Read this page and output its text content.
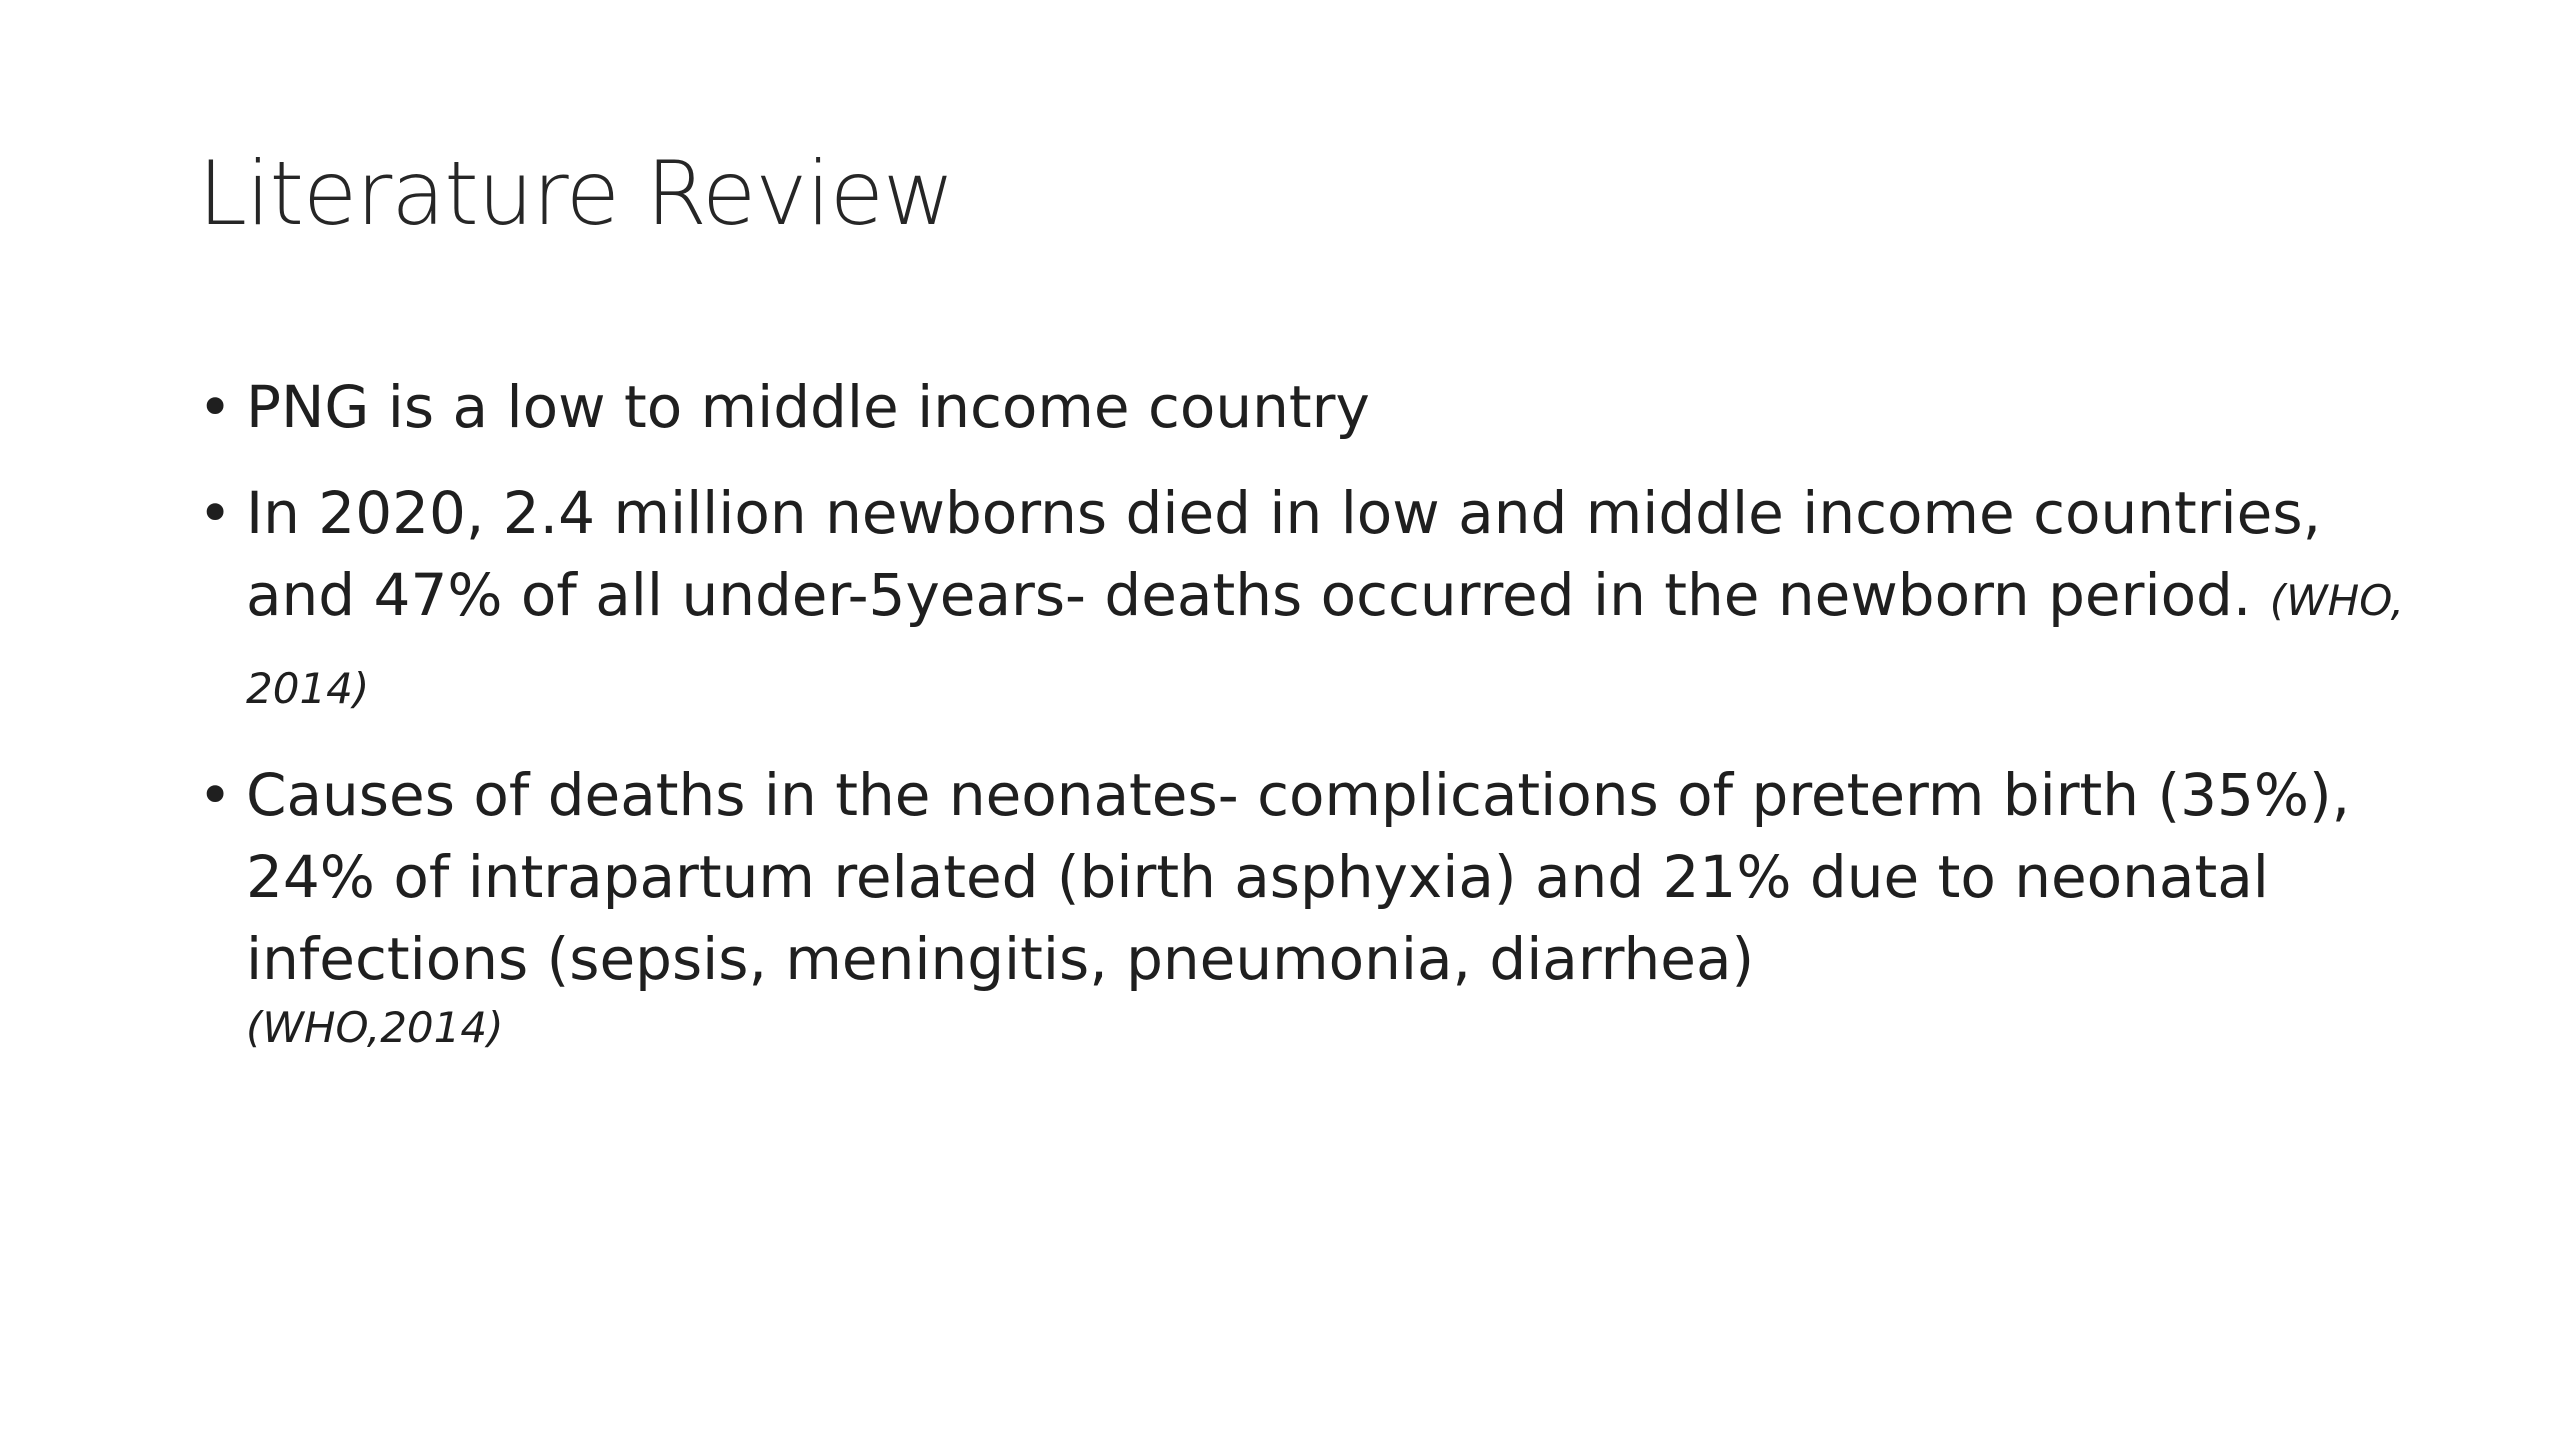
Literature Review
• PNG is a low to middle income country
• In 2020, 2.4 million newborns died in low and middle income countries, and 47% of all under-5years- deaths occurred in the newborn period. (WHO, 2014)
• Causes of deaths in the neonates- complications of preterm birth (35%), 24% of intrapartum related (birth asphyxia) and 21% due to neonatal infections (sepsis, meningitis, pneumonia, diarrhea)
(WHO,2014)
